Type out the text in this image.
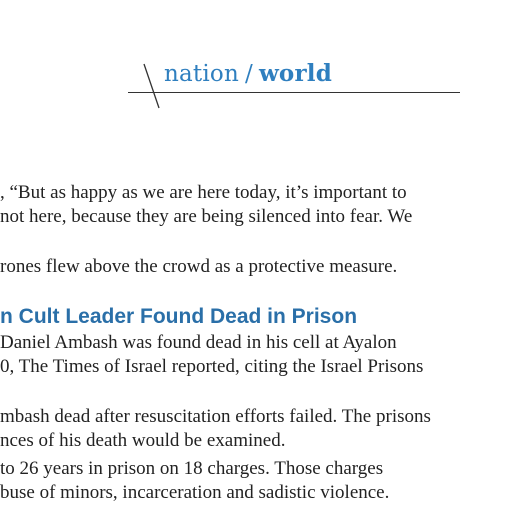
nation / world
, “But as happy as we are here today, it’s important to
not here, because they are being silenced into fear. We
rones flew above the crowd as a protective measure.
n Cult Leader Found Dead in Prison
Daniel Ambash was found dead in his cell at Ayalon
0, The Times of Israel reported, citing the Israel Prisons
mbash dead after resuscitation efforts failed. The prisons
nces of his death would be examined.
to 26 years in prison on 18 charges. Those charges
buse of minors, incarceration and sadistic violence.
